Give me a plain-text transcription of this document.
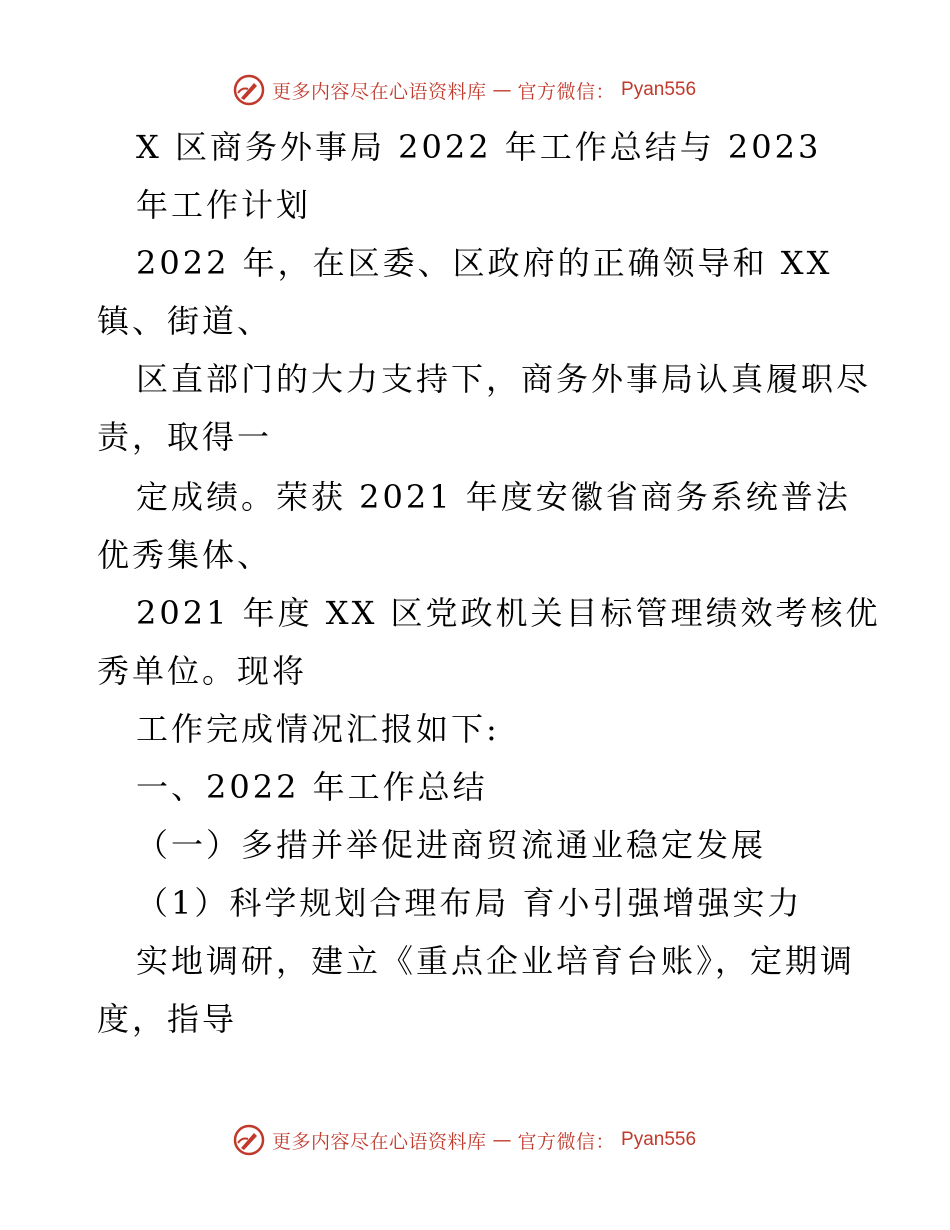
更多内容尽在心语资料库 — 官方微信： Pyan556
X 区商务外事局 2022 年工作总结与 2023
年工作计划
2022 年，在区委、区政府的正确领导和 XX
镇、街道、
区直部门的大力支持下，商务外事局认真履职尽
责，取得一
定成绩。荣获 2021 年度安徽省商务系统普法
优秀集体、
2021 年度 XX 区党政机关目标管理绩效考核优
秀单位。现将
工作完成情况汇报如下:
一、2022 年工作总结
（一）多措并举促进商贸流通业稳定发展
（1）科学规划合理布局 育小引强增强实力
实地调研，建立《重点企业培育台账》，定期调
度，指导
更多内容尽在心语资料库 — 官方微信： Pyan556
